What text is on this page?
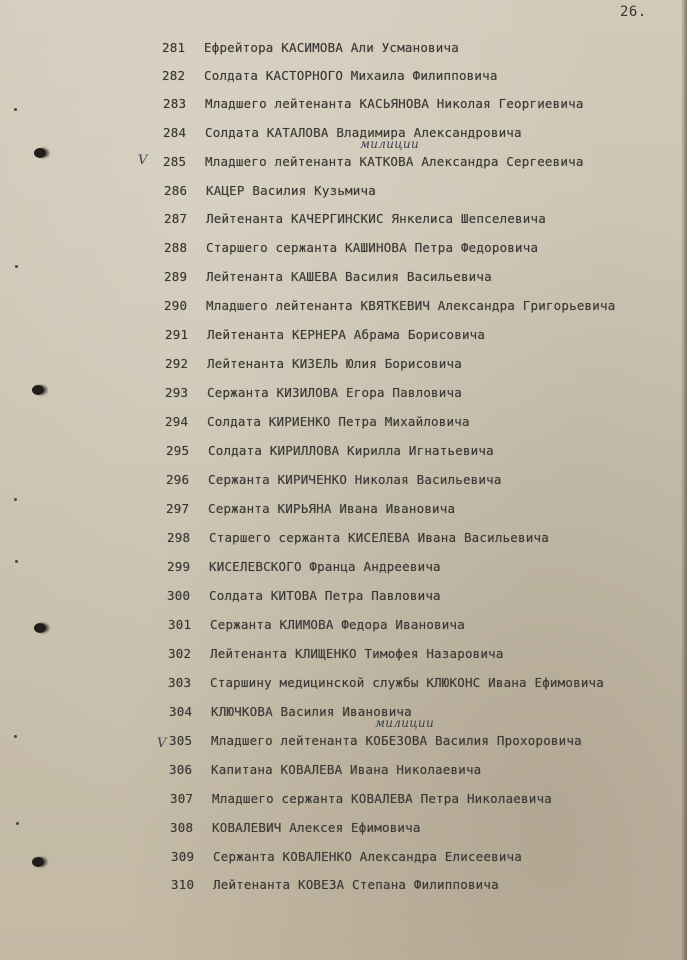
26.
V
V
милиции
милиции
281	Ефрейтора КАСИМОВА Али Усмановича
282	Солдата КАСТОРНОГО Михаила Филипповича
283	Младшего лейтенанта КАСЬЯНОВА Николая Георгиевича
284	Солдата КАТАЛОВА Владимира Александровича
285	Младшего лейтенанта КАТКОВА Александра Сергеевича
286	КАЦЕР Василия Кузьмича
287	Лейтенанта КАЧЕРГИНСКИС Янкелиса Шепселевича
288	Старшего сержанта КАШИНОВА Петра Федоровича
289	Лейтенанта КАШЕВА Василия Васильевича
290	Младшего лейтенанта КВЯТКЕВИЧ Александра Григорьевича
291	Лейтенанта КЕРНЕРА Абрама Борисовича
292	Лейтенанта КИЗЕЛЬ Юлия Борисовича
293	Сержанта КИЗИЛОВА Егора Павловича
294	Солдата КИРИЕНКО Петра Михайловича
295	Солдата КИРИЛЛОВА Кирилла Игнатьевича
296	Сержанта КИРИЧЕНКО Николая Васильевича
297	Сержанта КИРЬЯНА Ивана Ивановича
298	Старшего сержанта КИСЕЛЕВА Ивана Васильевича
299	КИСЕЛЕВСКОГО Франца Андреевича
300	Солдата КИТОВА Петра Павловича
301	Сержанта КЛИМОВА Федора Ивановича
302	Лейтенанта КЛИЩЕНКО Тимофея Назаровича
303	Старшину медицинской службы КЛЮКОНС Ивана Ефимовича
304	КЛЮЧКОВА Василия Ивановича
305	Младшего лейтенанта КОБЕЗОВА Василия Прохоровича
306	Капитана КОВАЛЕВА Ивана Николаевича
307	Младшего сержанта КОВАЛЕВА Петра Николаевича
308	КОВАЛЕВИЧ Алексея Ефимовича
309	Сержанта КОВАЛЕНКО Александра Елисеевича
310	Лейтенанта КОВЕЗА Степана Филипповича
